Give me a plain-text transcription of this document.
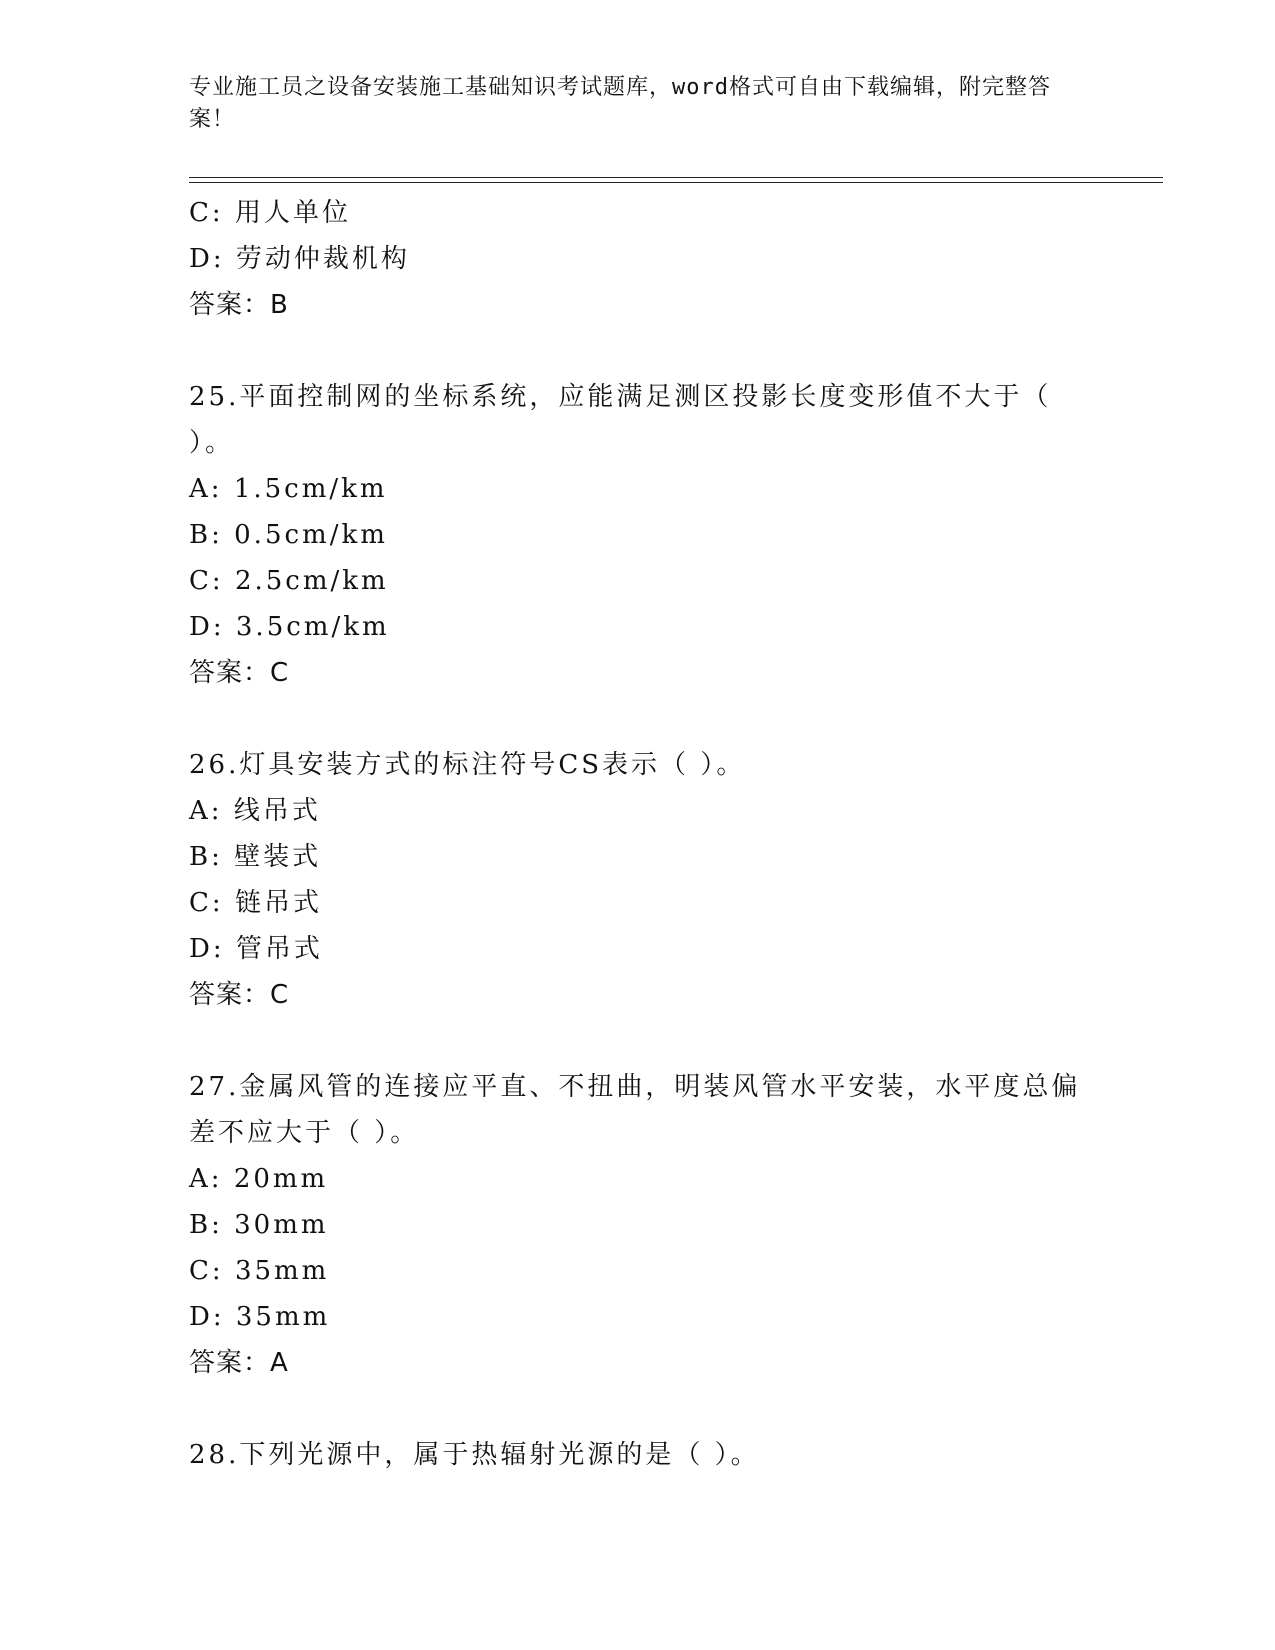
专业施工员之设备安装施工基础知识考试题库，word格式可自由下载编辑，附完整答案！
C: 用人单位
D: 劳动仲裁机构
答案：B
25.平面控制网的坐标系统，应能满足测区投影长度变形值不大于（
）。
A: 1.5cm/km
B: 0.5cm/km
C: 2.5cm/km
D: 3.5cm/km
答案：C
26.灯具安装方式的标注符号CS表示（ ）。
A: 线吊式
B: 壁装式
C: 链吊式
D: 管吊式
答案：C
27.金属风管的连接应平直、不扭曲，明装风管水平安装，水平度总偏
差不应大于（ ）。
A: 20mm
B: 30mm
C: 35mm
D: 35mm
答案：A
28.下列光源中，属于热辐射光源的是（ ）。
